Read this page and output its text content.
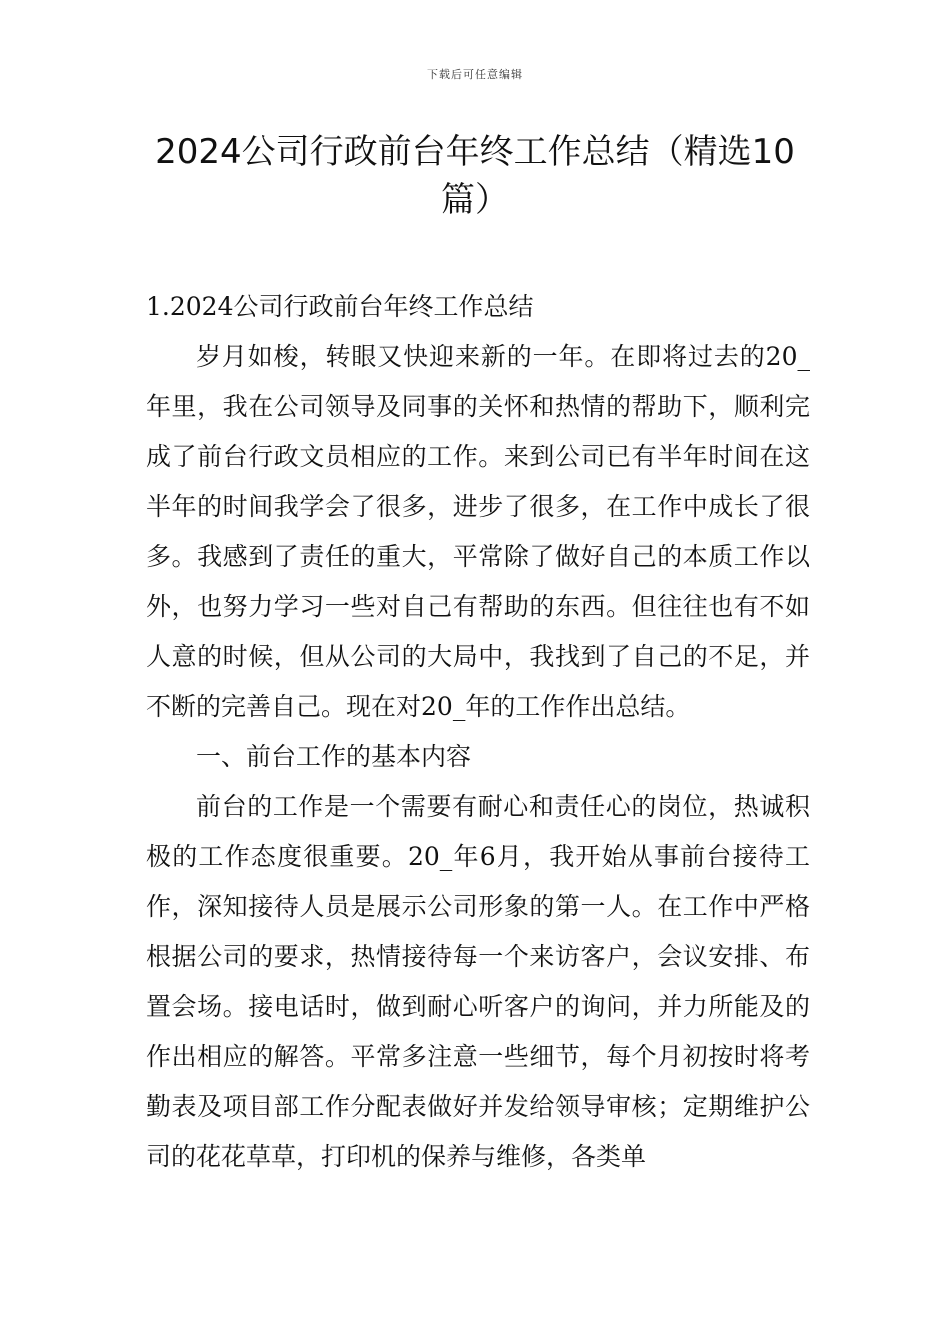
下载后可任意编辑
2024公司行政前台年终工作总结（精选10篇）

1.2024公司行政前台年终工作总结

岁月如梭，转眼又快迎来新的一年。在即将过去的20_年里，我在公司领导及同事的关怀和热情的帮助下，顺利完成了前台行政文员相应的工作。来到公司已有半年时间在这半年的时间我学会了很多，进步了很多，在工作中成长了很多。我感到了责任的重大，平常除了做好自己的本质工作以外，也努力学习一些对自己有帮助的东西。但往往也有不如人意的时候，但从公司的大局中，我找到了自己的不足，并不断的完善自己。现在对20_年的工作作出总结。

一、前台工作的基本内容

前台的工作是一个需要有耐心和责任心的岗位，热诚积极的工作态度很重要。20_年6月，我开始从事前台接待工作，深知接待人员是展示公司形象的第一人。在工作中严格根据公司的要求，热情接待每一个来访客户，会议安排、布置会场。接电话时，做到耐心听客户的询问，并力所能及的作出相应的解答。平常多注意一些细节，每个月初按时将考勤表及项目部工作分配表做好并发给领导审核；定期维护公司的花花草草，打印机的保养与维修，各类单
